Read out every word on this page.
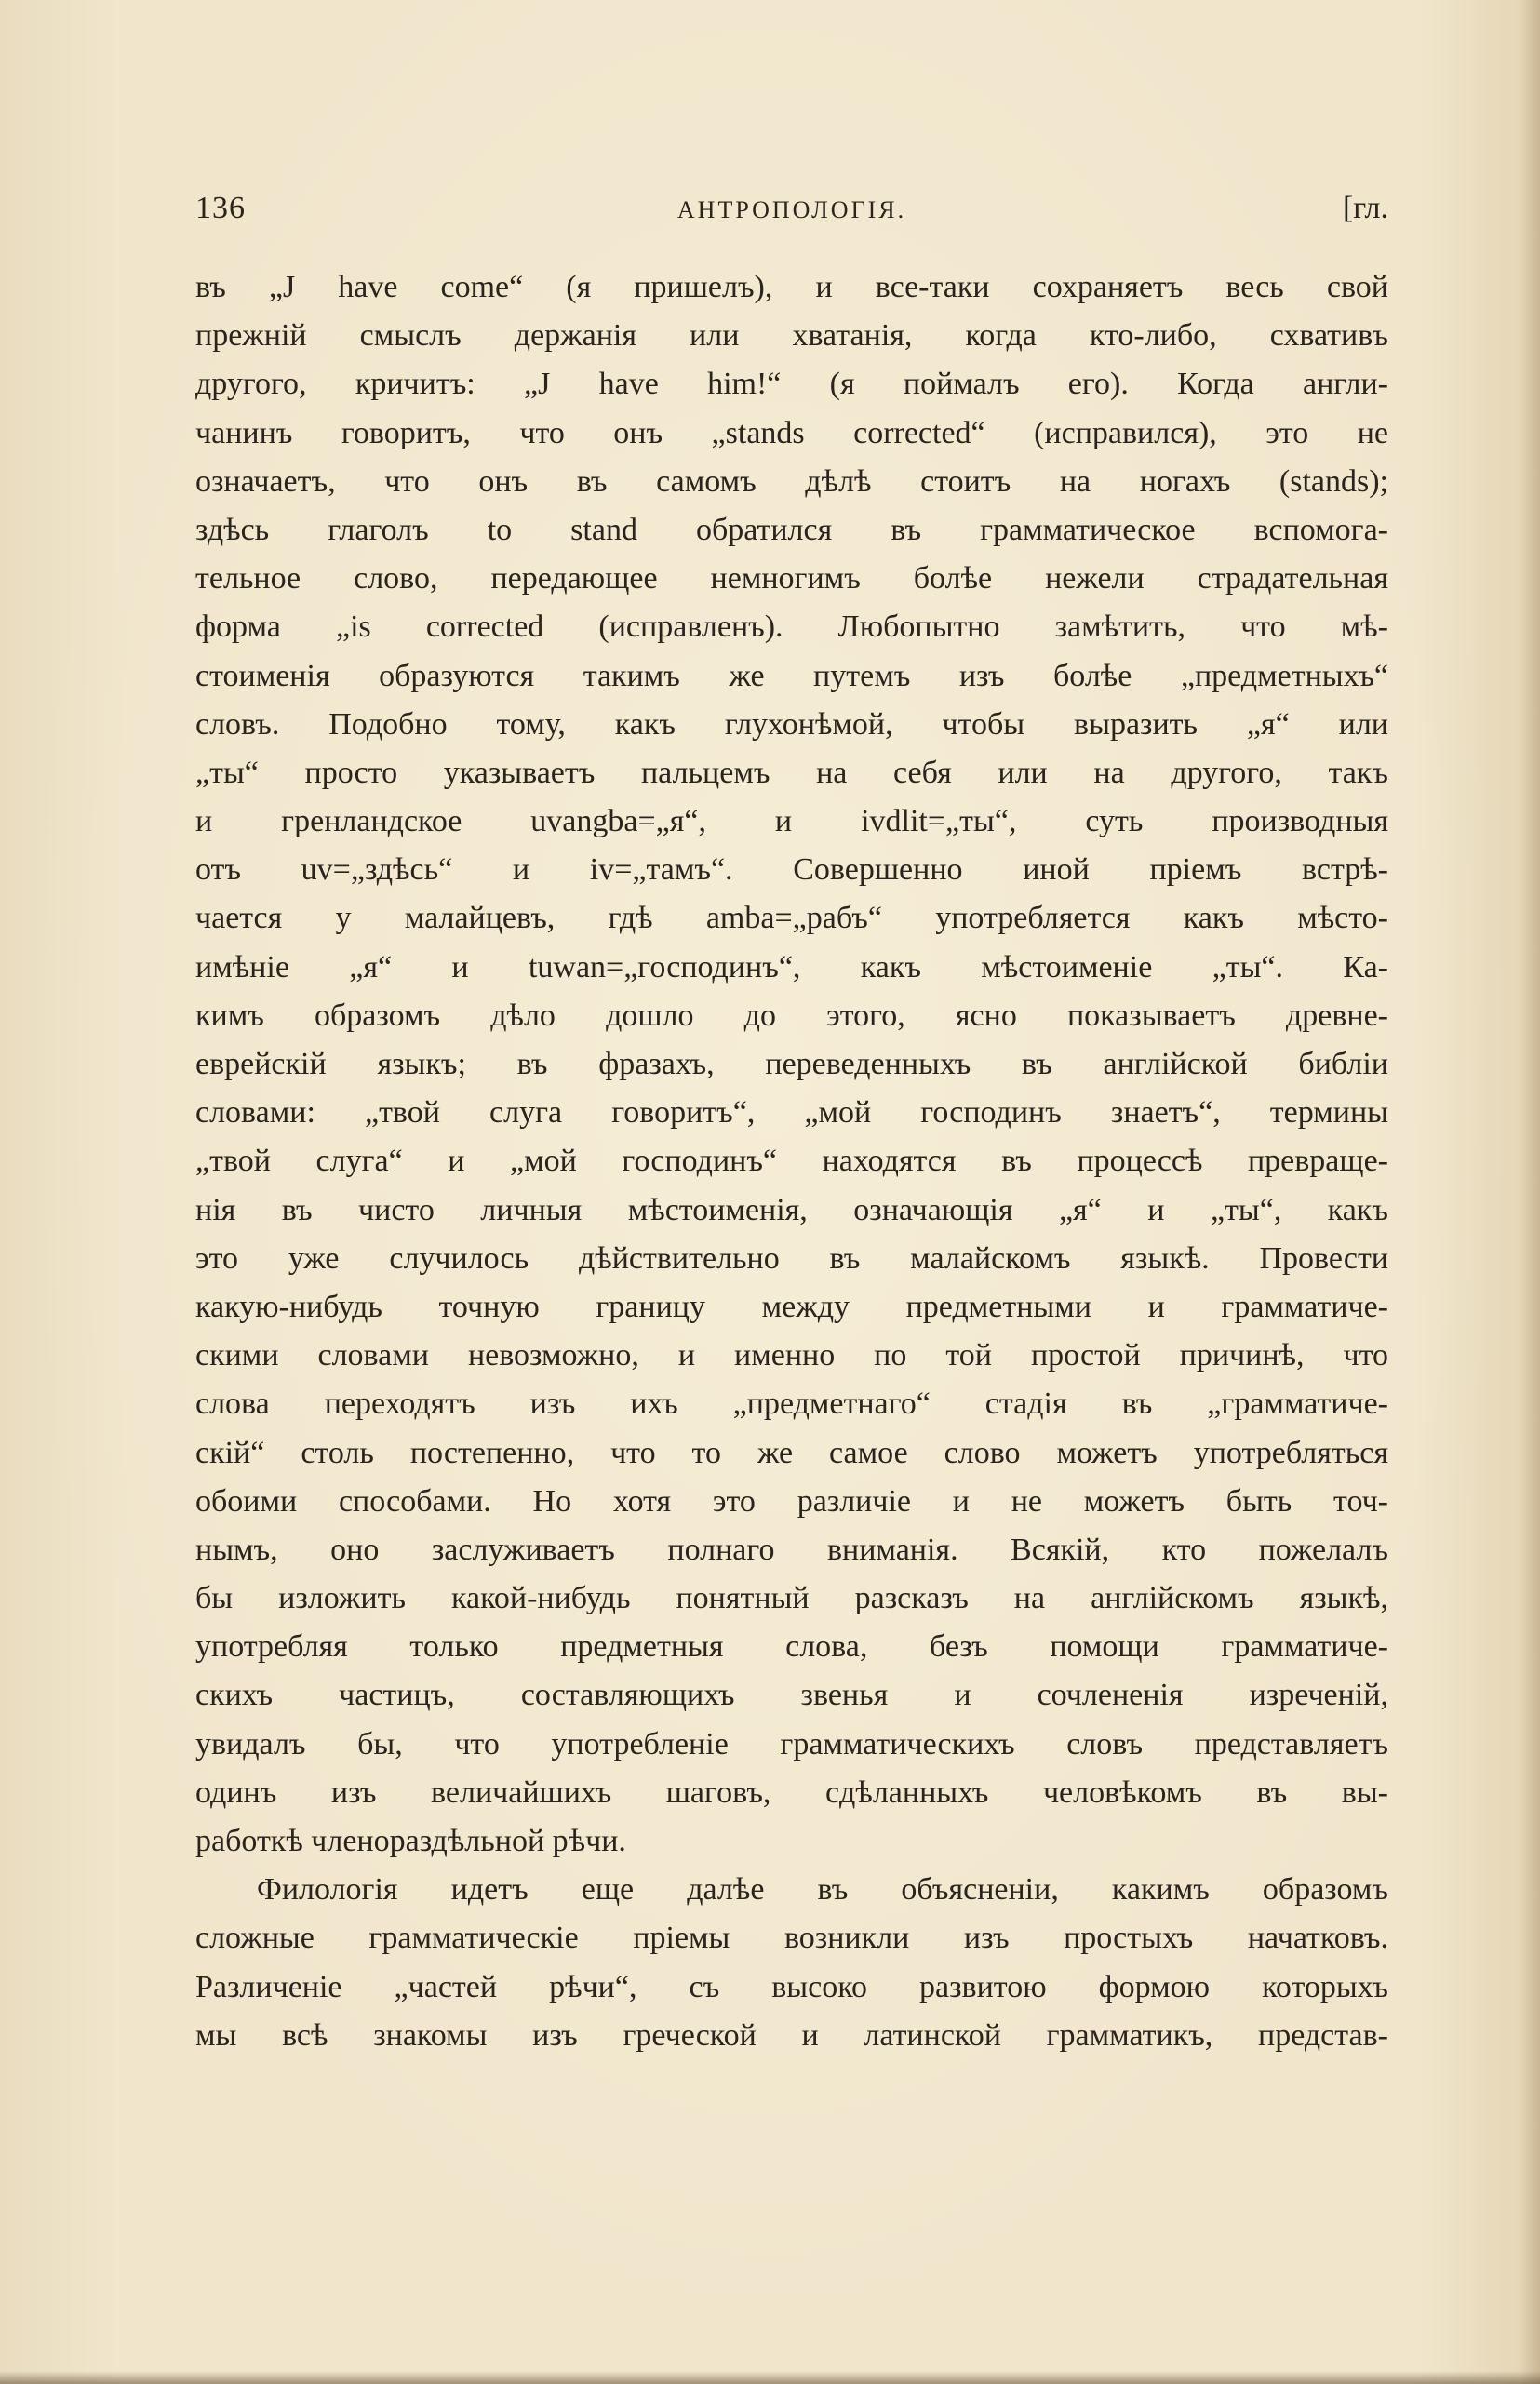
136	АНТРОПОЛОГІЯ.	[гл.
въ „J have come“ (я пришелъ), и все-таки сохраняетъ весь свой
прежній смыслъ держанія или хватанія, когда кто-либо, схвативъ
другого, кричитъ: „J have him!“ (я поймалъ его). Когда англи-
чанинъ говоритъ, что онъ „stands corrected“ (исправился), это не
означаетъ, что онъ въ самомъ дѣлѣ стоитъ на ногахъ (stands);
здѣсь глаголъ to stand обратился въ грамматическое вспомога-
тельное слово, передающее немногимъ болѣе нежели страдательная
форма „is corrected (исправленъ). Любопытно замѣтить, что мѣ-
стоименія образуются такимъ же путемъ изъ болѣе „предметныхъ“
словъ. Подобно тому, какъ глухонѣмой, чтобы выразить „я“ или
„ты“ просто указываетъ пальцемъ на себя или на другого, такъ
и гренландское uvangba=„я“, и ivdlit=„ты“, суть производныя
отъ uv=„здѣсь“ и iv=„тамъ“. Совершенно иной пріемъ встрѣ-
чается у малайцевъ, гдѣ amba=„рабъ“ употребляется какъ мѣсто-
имѣніе „я“ и tuwan=„господинъ“, какъ мѣстоименіе „ты“. Ка-
кимъ образомъ дѣло дошло до этого, ясно показываетъ древне-
еврейскій языкъ; въ фразахъ, переведенныхъ въ англійской библіи
словами: „твой слуга говоритъ“, „мой господинъ знаетъ“, термины
„твой слуга“ и „мой господинъ“ находятся въ процессѣ превраще-
нія въ чисто личныя мѣстоименія, означающія „я“ и „ты“, какъ
это уже случилось дѣйствительно въ малайскомъ языкѣ. Провести
какую-нибудь точную границу между предметными и грамматиче-
скими словами невозможно, и именно по той простой причинѣ, что
слова переходятъ изъ ихъ „предметнаго“ стадія въ „грамматиче-
скій“ столь постепенно, что то же самое слово можетъ употребляться
обоими способами. Но хотя это различіе и не можетъ быть точ-
нымъ, оно заслуживаетъ полнаго вниманія. Всякій, кто пожелалъ
бы изложить какой-нибудь понятный разсказъ на англійскомъ языкѣ,
употребляя только предметныя слова, безъ помощи грамматиче-
скихъ частицъ, составляющихъ звенья и сочлененія изреченій,
увидалъ бы, что употребленіе грамматическихъ словъ представляетъ
одинъ изъ величайшихъ шаговъ, сдѣланныхъ человѣкомъ въ вы-
работкѣ членораздѣльной рѣчи.
Филологія идетъ еще далѣе въ объясненіи, какимъ образомъ
сложные грамматическіе пріемы возникли изъ простыхъ начатковъ.
Различеніе „частей рѣчи“, съ высоко развитою формою которыхъ
мы всѣ знакомы изъ греческой и латинской грамматикъ, представ-
